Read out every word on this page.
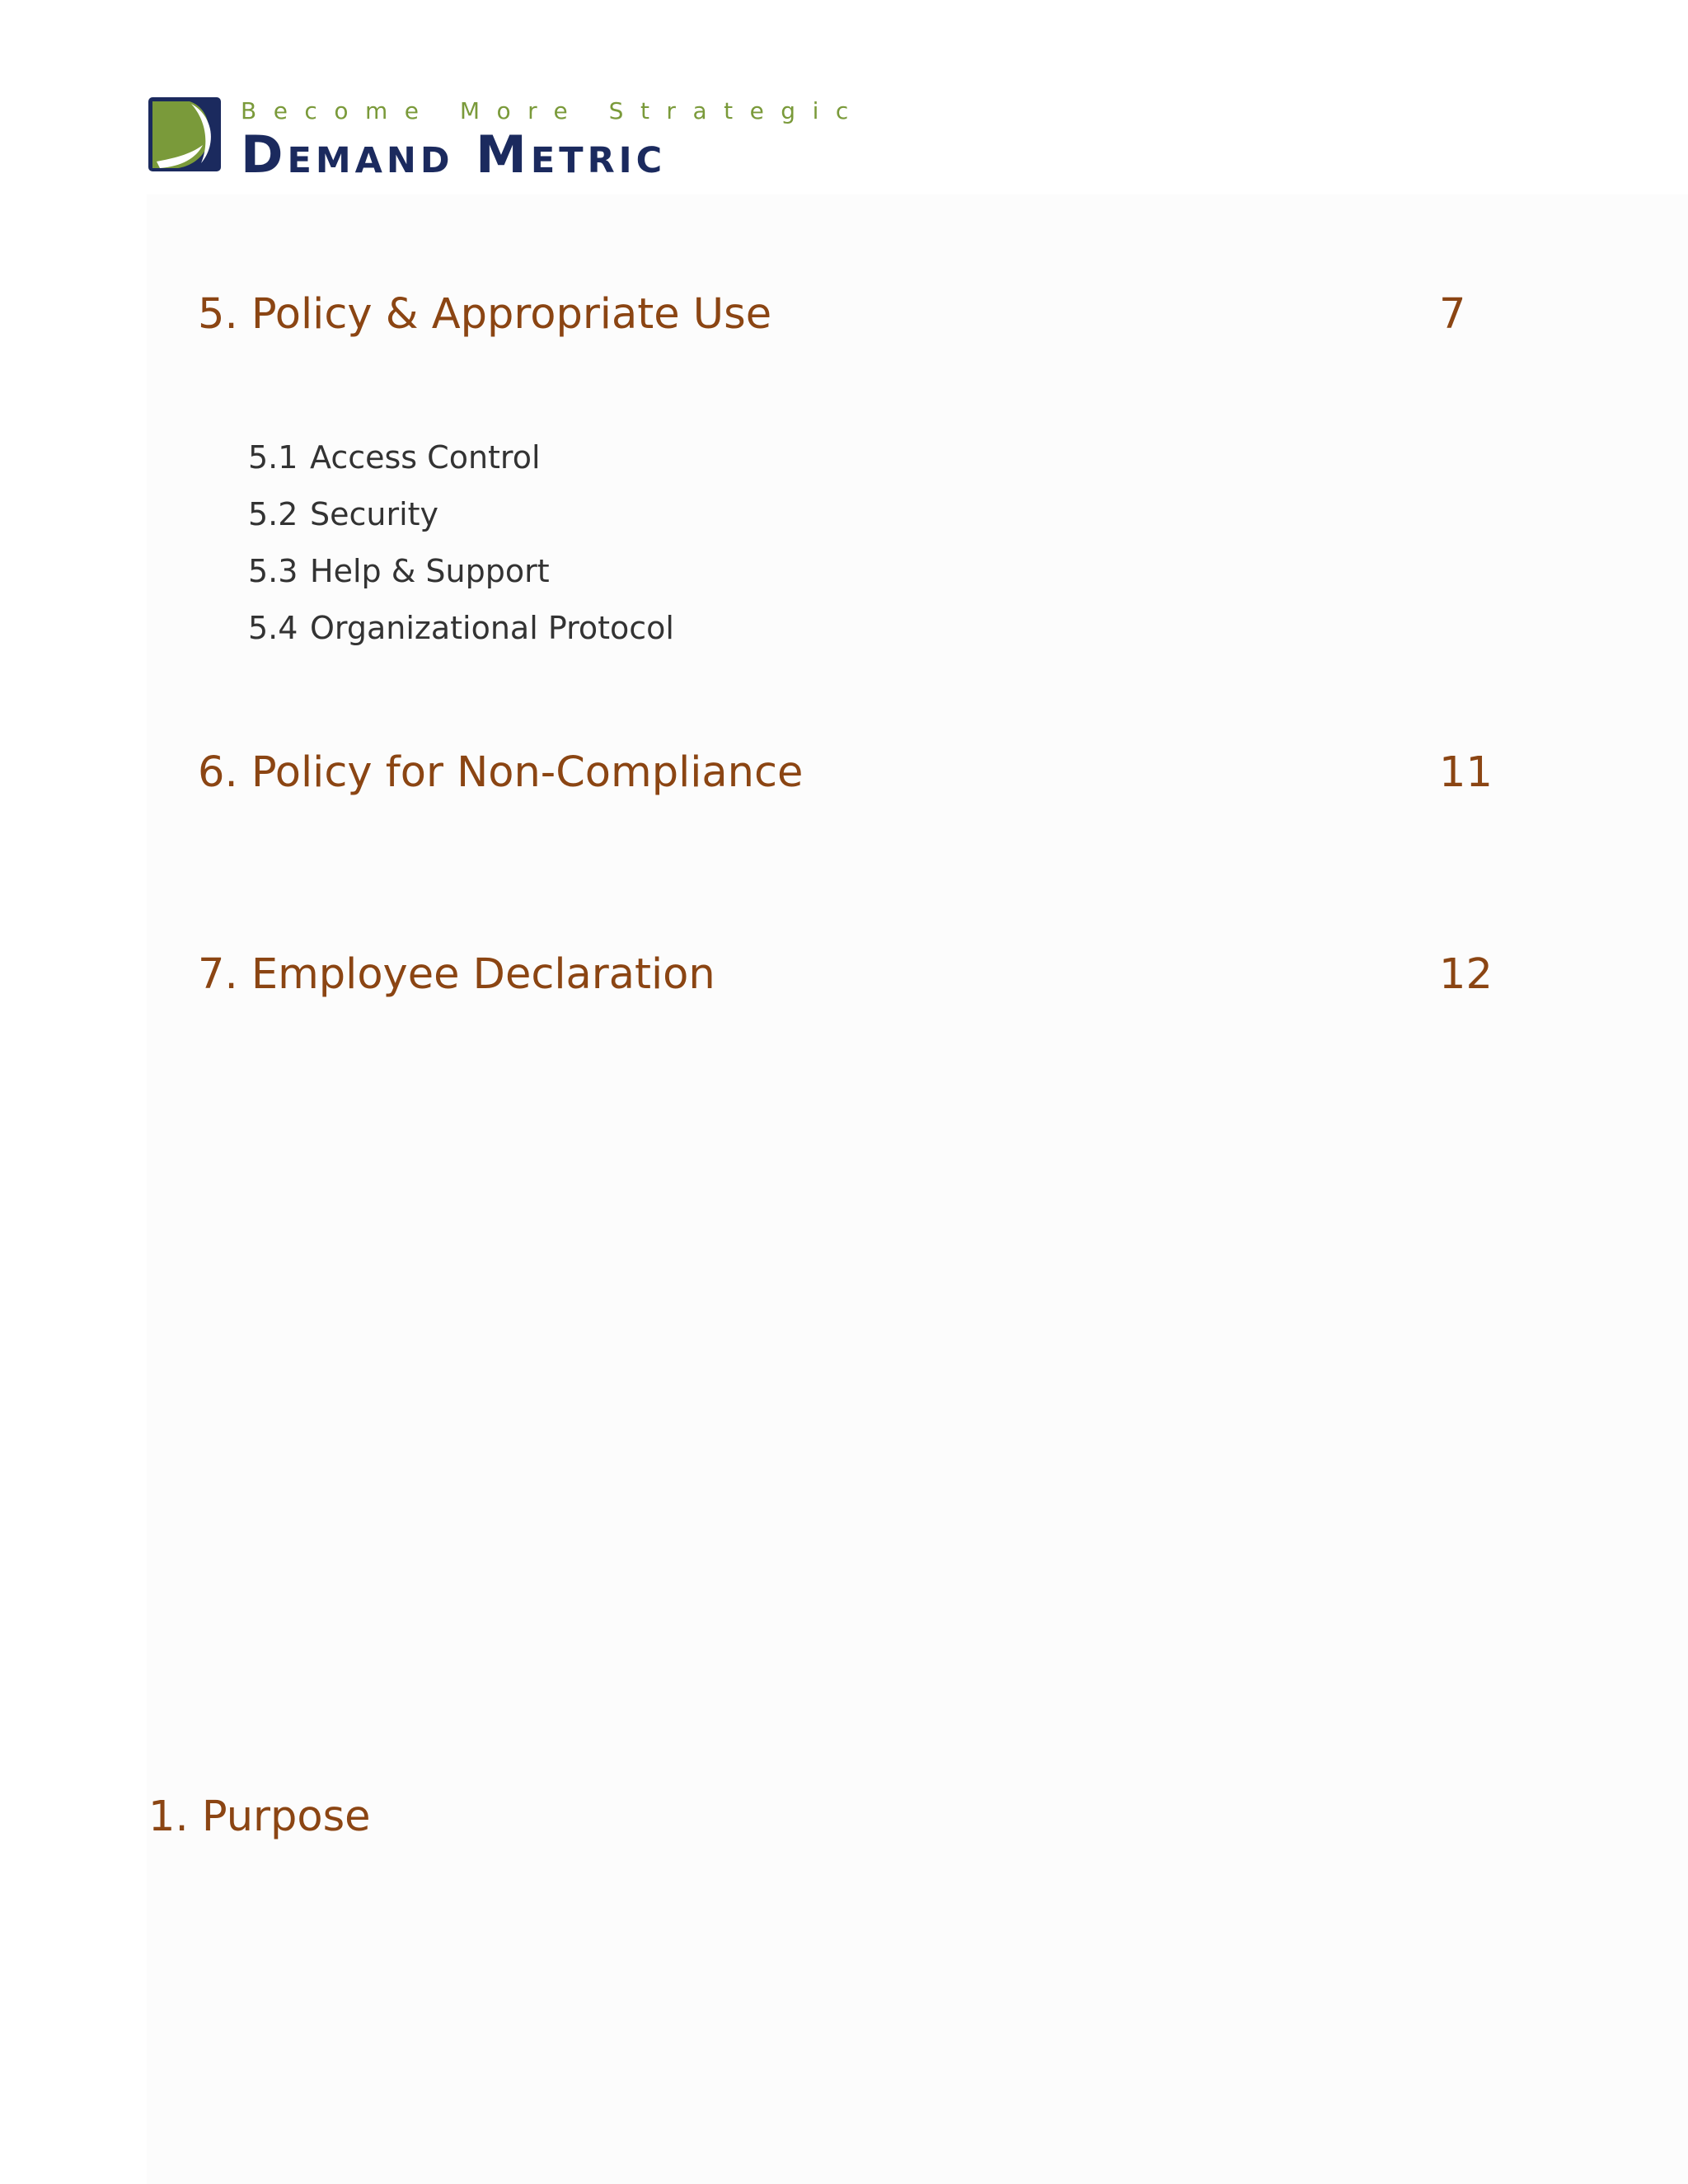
Become More Strategic
Demand Metric
5. Policy & Appropriate Use	7
5.1 Access Control
5.2 Security
5.3 Help & Support
5.4 Organizational Protocol
6. Policy for Non-Compliance	11
7. Employee Declaration	12
1. Purpose
